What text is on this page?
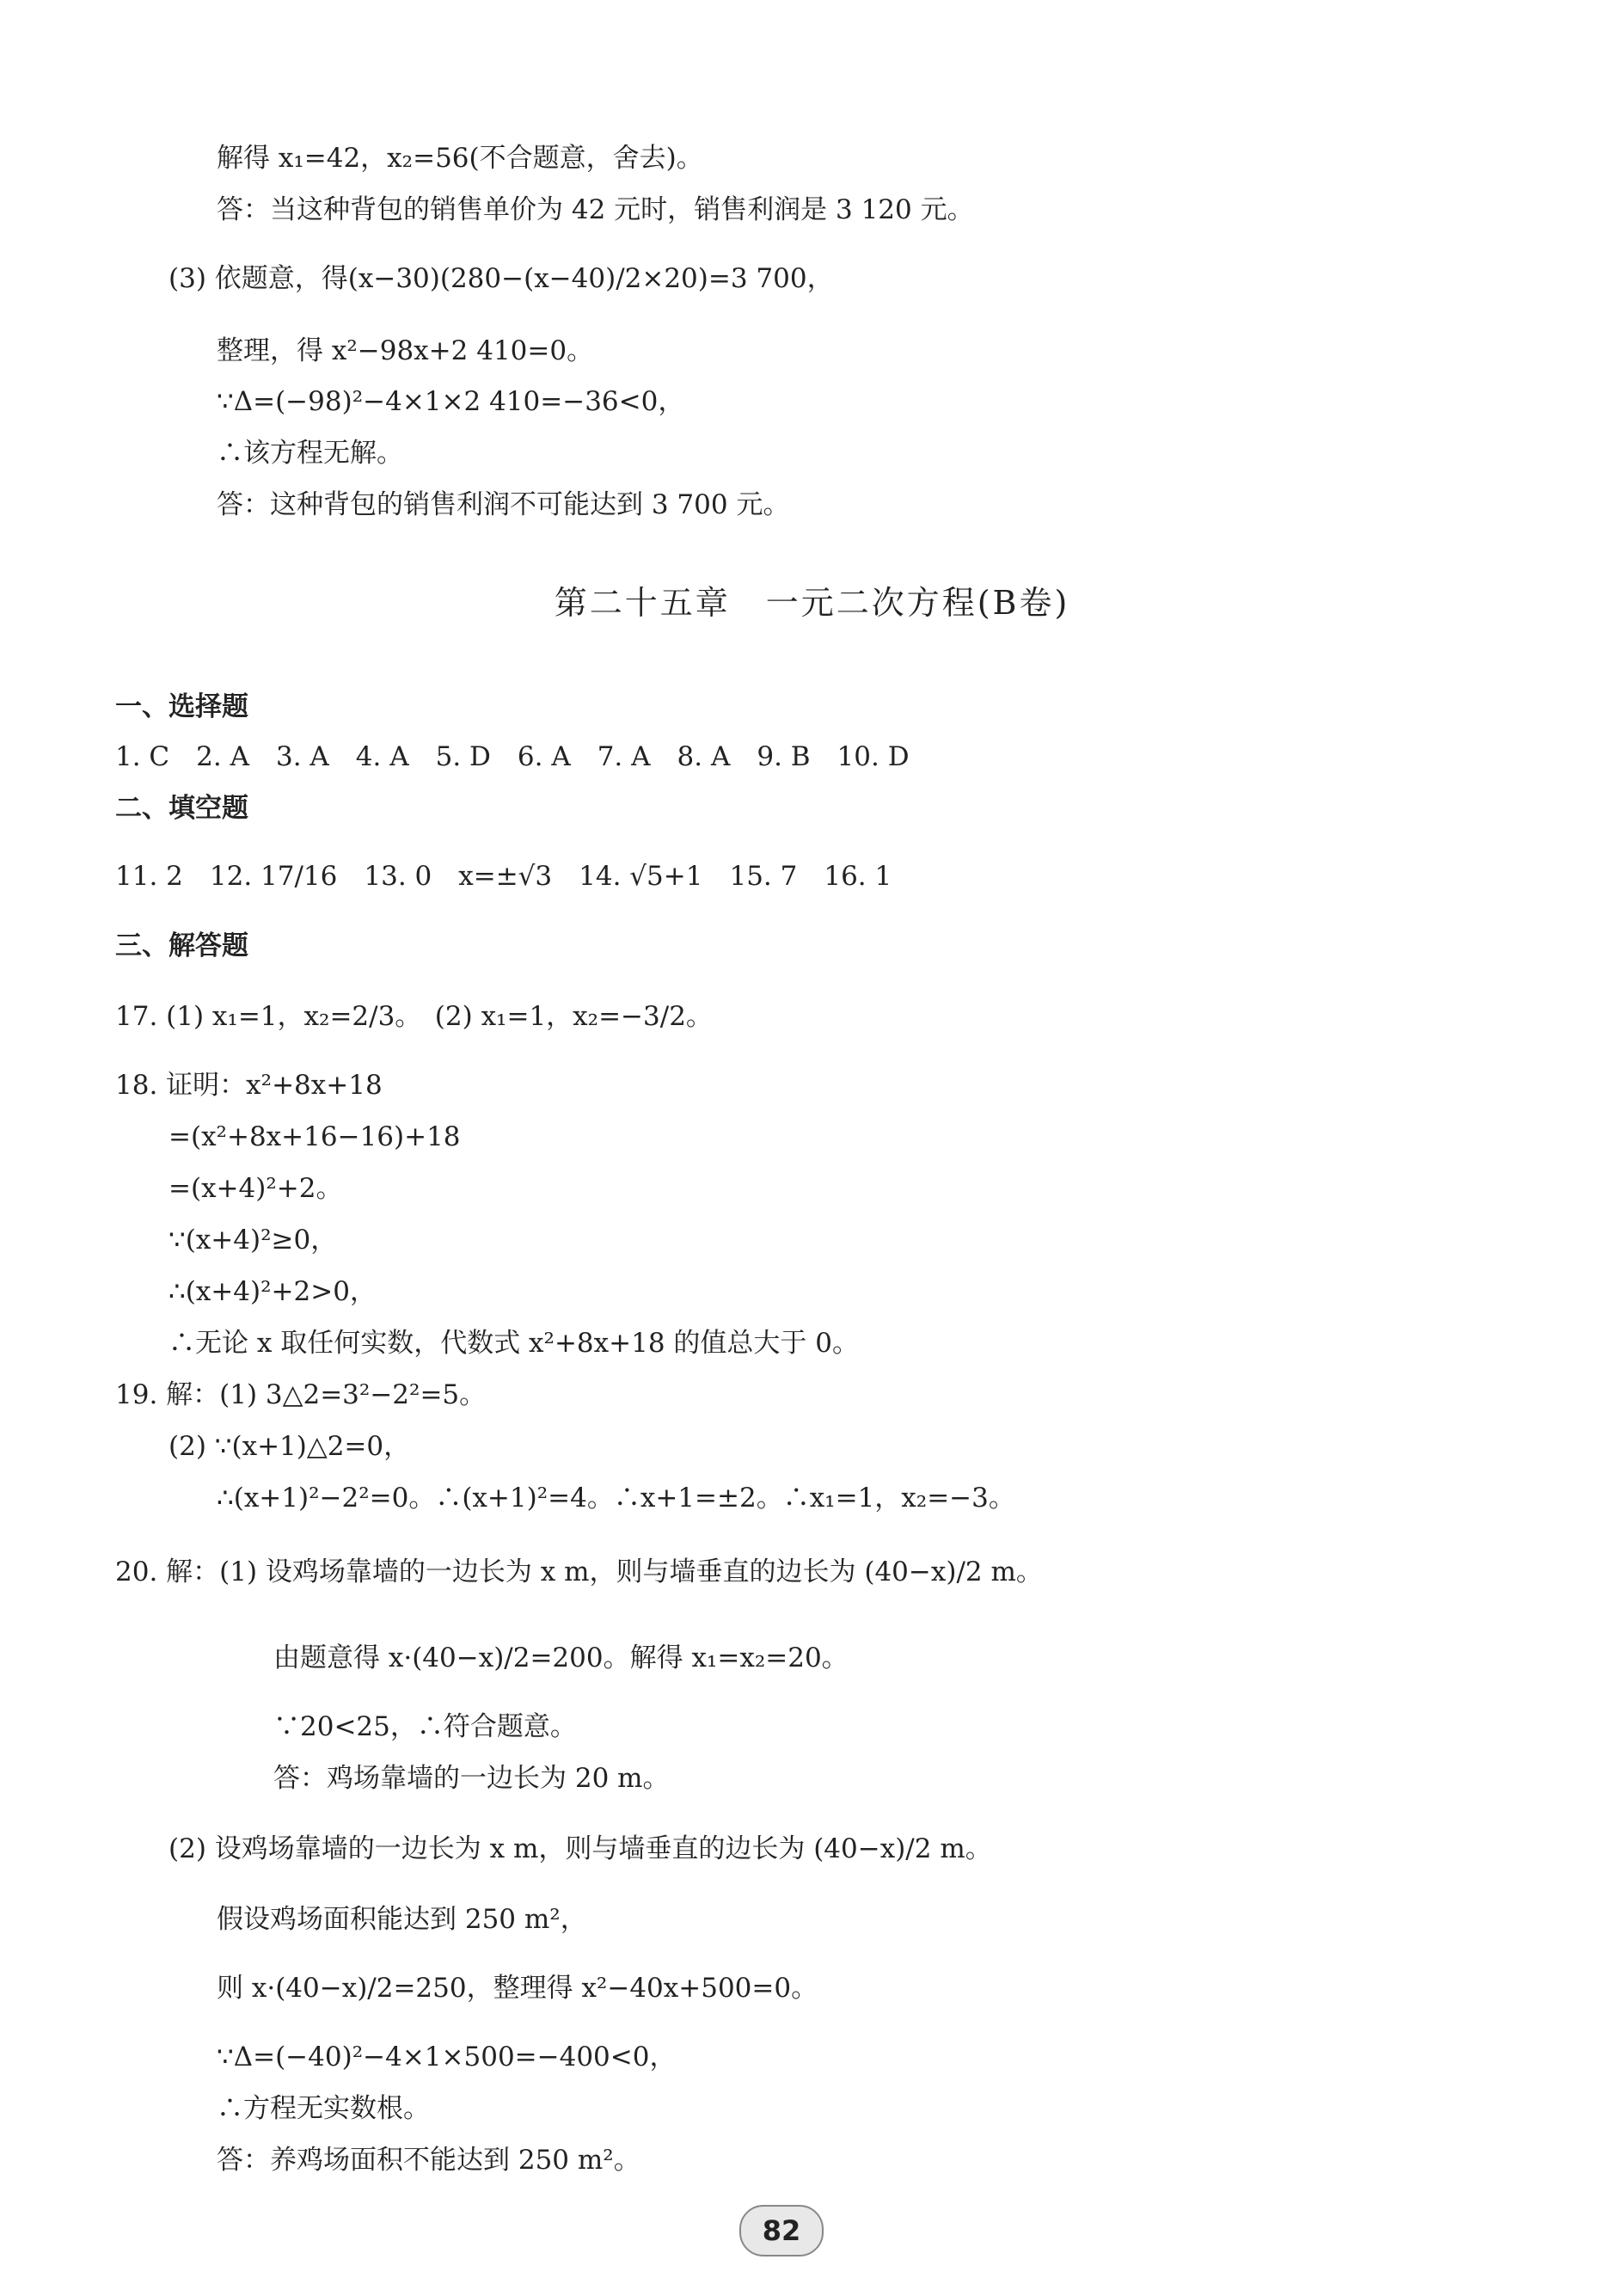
解得 x₁=42，x₂=56(不合题意，舍去)。
答：当这种背包的销售单价为 42 元时，销售利润是 3 120 元。
(3) 依题意，得(x−30)(280−(x−40)/2×20)=3 700，
整理，得 x²−98x+2 410=0。
∵Δ=(−98)²−4×1×2 410=−36<0，
∴该方程无解。
答：这种背包的销售利润不可能达到 3 700 元。
第二十五章　一元二次方程(B卷)
一、选择题
1. C　2. A　3. A　4. A　5. D　6. A　7. A　8. A　9. B　10. D
二、填空题
11. 2　12. 17/16　13. 0　x=±√3　14. √5+1　15. 7　16. 1
三、解答题
17. (1) x₁=1，x₂=2/3。　(2) x₁=1，x₂=−3/2。
18. 证明：x²+8x+18
=(x²+8x+16−16)+18
=(x+4)²+2。
∵(x+4)²≥0，
∴(x+4)²+2>0，
∴无论 x 取任何实数，代数式 x²+8x+18 的值总大于 0。
19. 解：(1) 3△2=3²−2²=5。
(2) ∵(x+1)△2=0，
∴(x+1)²−2²=0。∴(x+1)²=4。∴x+1=±2。∴x₁=1，x₂=−3。
20. 解：(1) 设鸡场靠墙的一边长为 x m，则与墙垂直的边长为 (40−x)/2 m。
由题意得 x·(40−x)/2=200。解得 x₁=x₂=20。
∵20<25，∴符合题意。
答：鸡场靠墙的一边长为 20 m。
(2) 设鸡场靠墙的一边长为 x m，则与墙垂直的边长为 (40−x)/2 m。
假设鸡场面积能达到 250 m²，
则 x·(40−x)/2=250，整理得 x²−40x+500=0。
∵Δ=(−40)²−4×1×500=−400<0，
∴方程无实数根。
答：养鸡场面积不能达到 250 m²。
82
